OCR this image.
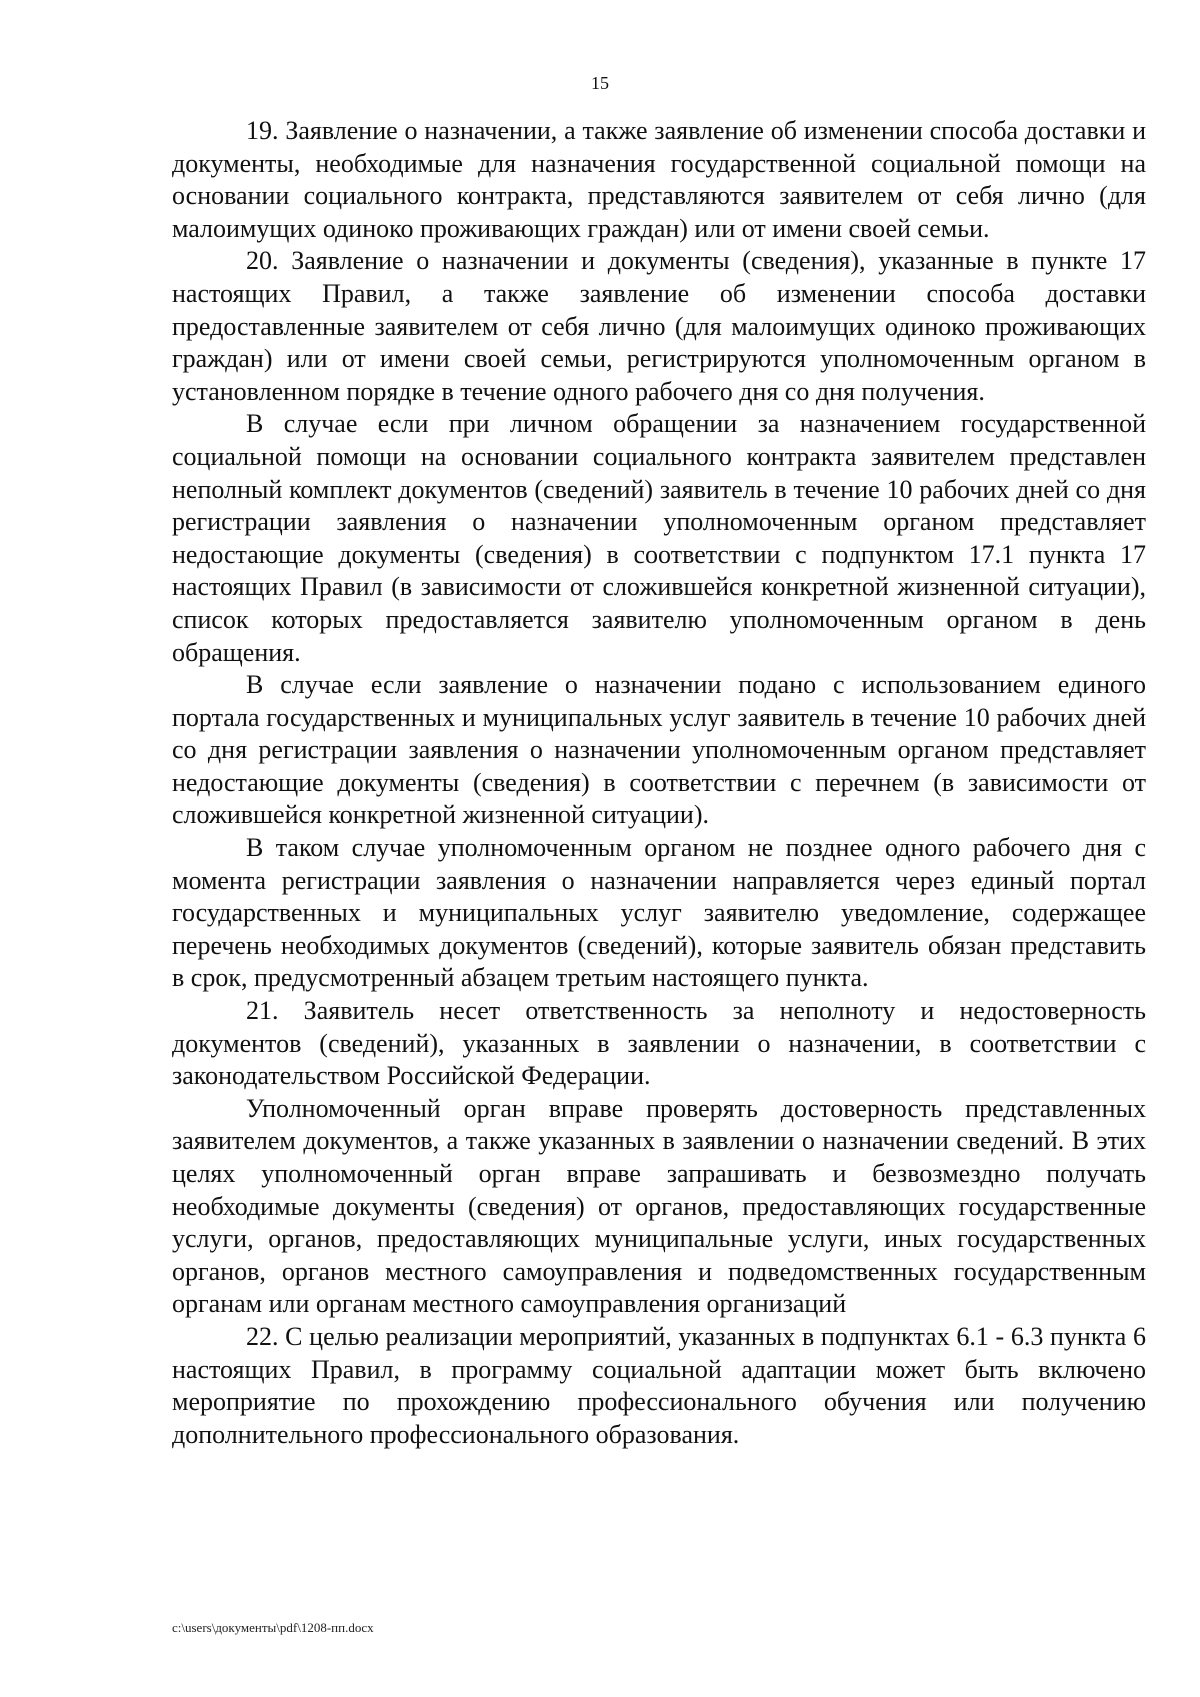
15

19. Заявление о назначении, а также заявление об изменении способа доставки и документы, необходимые для назначения государственной социальной помощи на основании социального контракта, представляются заявителем от себя лично (для малоимущих одиноко проживающих граждан) или от имени своей семьи.

20. Заявление о назначении и документы (сведения), указанные в пункте 17 настоящих Правил, а также заявление об изменении способа доставки предоставленные заявителем от себя лично (для малоимущих одиноко проживающих граждан) или от имени своей семьи, регистрируются уполномоченным органом в установленном порядке в течение одного рабочего дня со дня получения.

В случае если при личном обращении за назначением государственной социальной помощи на основании социального контракта заявителем представлен неполный комплект документов (сведений) заявитель в течение 10 рабочих дней со дня регистрации заявления о назначении уполномоченным органом представляет недостающие документы (сведения) в соответствии с подпунктом 17.1 пункта 17 настоящих Правил (в зависимости от сложившейся конкретной жизненной ситуации), список которых предоставляется заявителю уполномоченным органом в день обращения.

В случае если заявление о назначении подано с использованием единого портала государственных и муниципальных услуг заявитель в течение 10 рабочих дней со дня регистрации заявления о назначении уполномоченным органом представляет недостающие документы (сведения) в соответствии с перечнем (в зависимости от сложившейся конкретной жизненной ситуации).

В таком случае уполномоченным органом не позднее одного рабочего дня с момента регистрации заявления о назначении направляется через единый портал государственных и муниципальных услуг заявителю уведомление, содержащее перечень необходимых документов (сведений), которые заявитель обязан представить в срок, предусмотренный абзацем третьим настоящего пункта.

21. Заявитель несет ответственность за неполноту и недостоверность документов (сведений), указанных в заявлении о назначении, в соответствии с законодательством Российской Федерации.

Уполномоченный орган вправе проверять достоверность представленных заявителем документов, а также указанных в заявлении о назначении сведений. В этих целях уполномоченный орган вправе запрашивать и безвозмездно получать необходимые документы (сведения) от органов, предоставляющих государственные услуги, органов, предоставляющих муниципальные услуги, иных государственных органов, органов местного самоуправления и подведомственных государственным органам или органам местного самоуправления организаций

22. С целью реализации мероприятий, указанных в подпунктах 6.1 - 6.3 пункта 6 настоящих Правил, в программу социальной адаптации может быть включено мероприятие по прохождению профессионального обучения или получению дополнительного профессионального образования.

c:\users\документы\pdf\1208-пп.docx
